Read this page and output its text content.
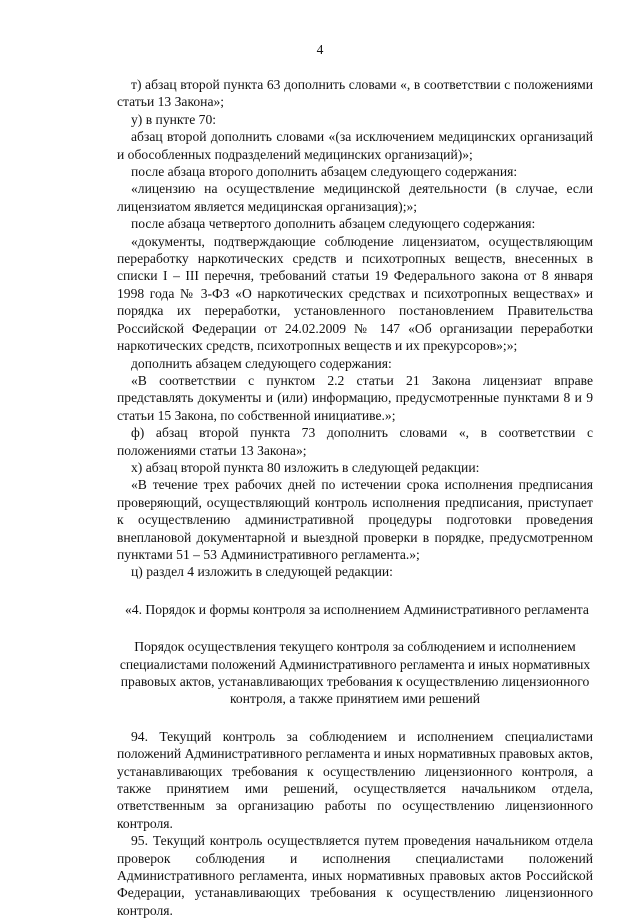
4

т) абзац второй пункта 63 дополнить словами «, в соответствии с положениями статьи 13 Закона»;

у) в пункте 70:

абзац второй дополнить словами «(за исключением медицинских организаций и обособленных подразделений медицинских организаций)»;

после абзаца второго дополнить абзацем следующего содержания:

«лицензию на осуществление медицинской деятельности (в случае, если лицензиатом является медицинская организация);»;

после абзаца четвертого дополнить абзацем следующего содержания:

«документы, подтверждающие соблюдение лицензиатом, осуществляющим переработку наркотических средств и психотропных веществ, внесенных в списки I – III перечня, требований статьи 19 Федерального закона от 8 января 1998 года № 3-ФЗ «О наркотических средствах и психотропных веществах» и порядка их переработки, установленного постановлением Правительства Российской Федерации от 24.02.2009 № 147 «Об организации переработки наркотических средств, психотропных веществ и их прекурсоров»;»;

дополнить абзацем следующего содержания:

«В соответствии с пунктом 2.2 статьи 21 Закона лицензиат вправе представлять документы и (или) информацию, предусмотренные пунктами 8 и 9 статьи 15 Закона, по собственной инициативе.»;

ф) абзац второй пункта 73 дополнить словами «, в соответствии с положениями статьи 13 Закона»;

х) абзац второй пункта 80 изложить в следующей редакции:

«В течение трех рабочих дней по истечении срока исполнения предписания проверяющий, осуществляющий контроль исполнения предписания, приступает к осуществлению административной процедуры подготовки проведения внеплановой документарной и выездной проверки в порядке, предусмотренном пунктами 51 – 53 Административного регламента.»;

ц) раздел 4 изложить в следующей редакции:

«4. Порядок и формы контроля за исполнением Административного регламента

Порядок осуществления текущего контроля за соблюдением и исполнением специалистами положений Административного регламента и иных нормативных правовых актов, устанавливающих требования к осуществлению лицензионного контроля, а также принятием ими решений

94. Текущий контроль за соблюдением и исполнением специалистами положений Административного регламента и иных нормативных правовых актов, устанавливающих требования к осуществлению лицензионного контроля, а также принятием ими решений, осуществляется начальником отдела, ответственным за организацию работы по осуществлению лицензионного контроля.

95. Текущий контроль осуществляется путем проведения начальником отдела проверок соблюдения и исполнения специалистами положений Административного регламента, иных нормативных правовых актов Российской Федерации, устанавливающих требования к осуществлению лицензионного контроля.
